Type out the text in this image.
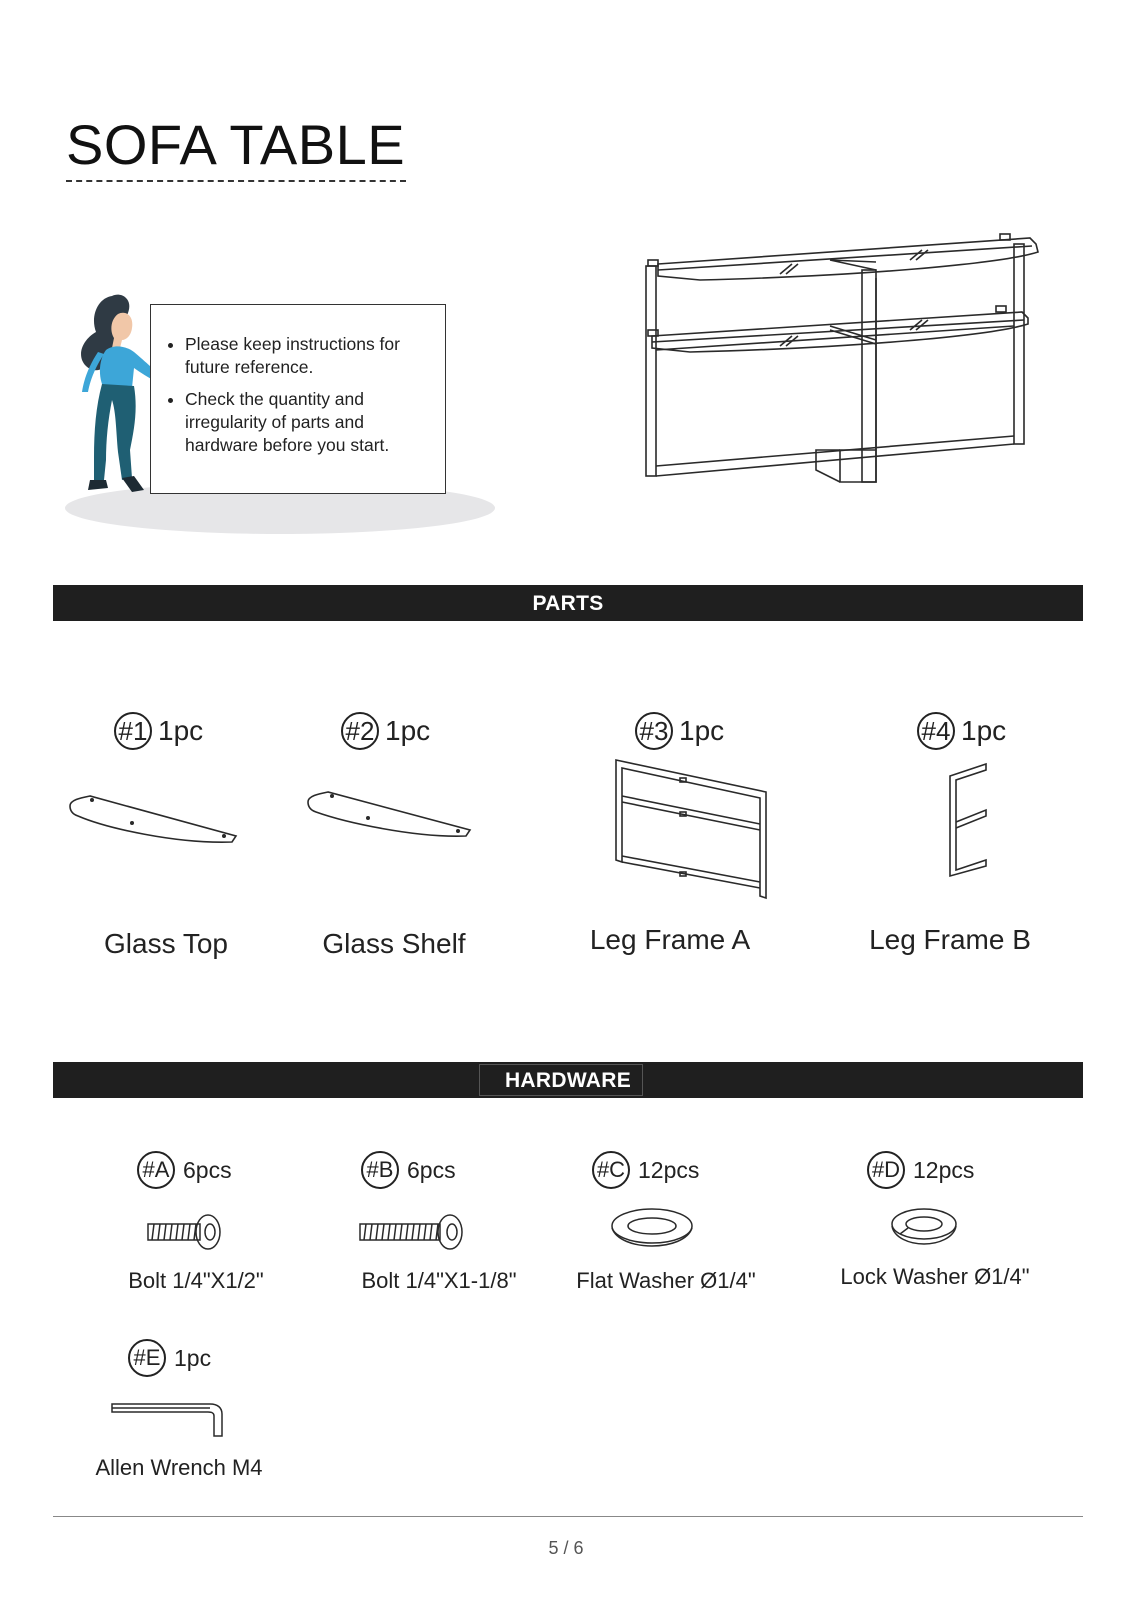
SOFA TABLE
• Please keep instructions for future reference.
• Check the quantity and irregularity of parts and hardware before you start.
PARTS
#1 1pc
Glass Top
#2 1pc
Glass Shelf
#3 1pc
Leg Frame A
#4 1pc
Leg Frame B
HARDWARE
#A 6pcs
Bolt 1/4"X1/2"
#B 6pcs
Bolt 1/4"X1-1/8"
#C 12pcs
Flat Washer Ø1/4"
#D 12pcs
Lock Washer Ø1/4"
#E 1pc
Allen Wrench M4
5 / 6
